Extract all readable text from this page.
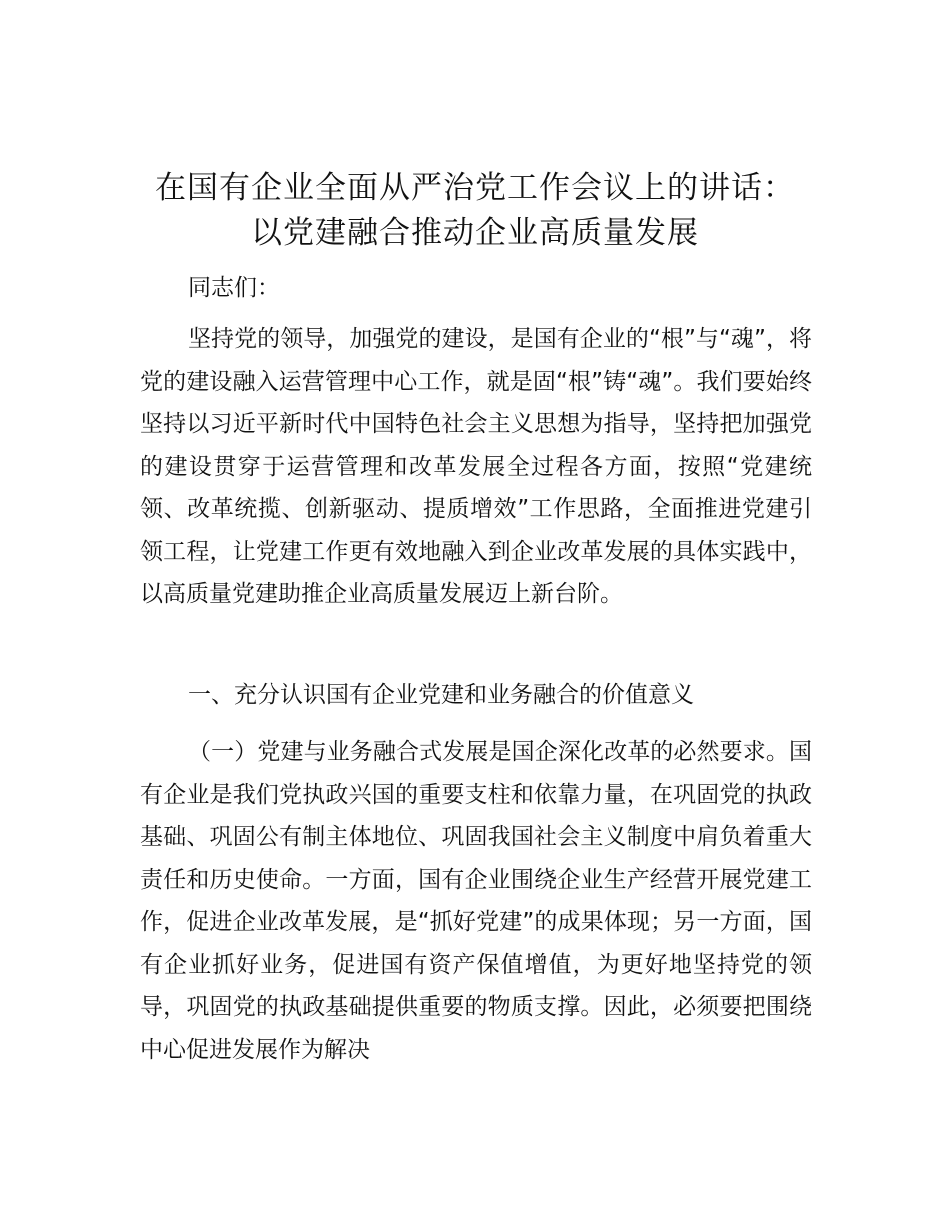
在国有企业全面从严治党工作会议上的讲话：
以党建融合推动企业高质量发展

同志们：

坚持党的领导，加强党的建设，是国有企业的“根”与“魂”，将党的建设融入运营管理中心工作，就是固“根”铸“魂”。我们要始终坚持以习近平新时代中国特色社会主义思想为指导，坚持把加强党的建设贯穿于运营管理和改革发展全过程各方面，按照“党建统领、改革统揽、创新驱动、提质增效”工作思路，全面推进党建引领工程，让党建工作更有效地融入到企业改革发展的具体实践中，以高质量党建助推企业高质量发展迈上新台阶。

一、充分认识国有企业党建和业务融合的价值意义

（一）党建与业务融合式发展是国企深化改革的必然要求。国有企业是我们党执政兴国的重要支柱和依靠力量，在巩固党的执政基础、巩固公有制主体地位、巩固我国社会主义制度中肩负着重大责任和历史使命。一方面，国有企业围绕企业生产经营开展党建工作，促进企业改革发展，是“抓好党建”的成果体现；另一方面，国有企业抓好业务，促进国有资产保值增值，为更好地坚持党的领导，巩固党的执政基础提供重要的物质支撑。因此，必须要把围绕中心促进发展作为解决
